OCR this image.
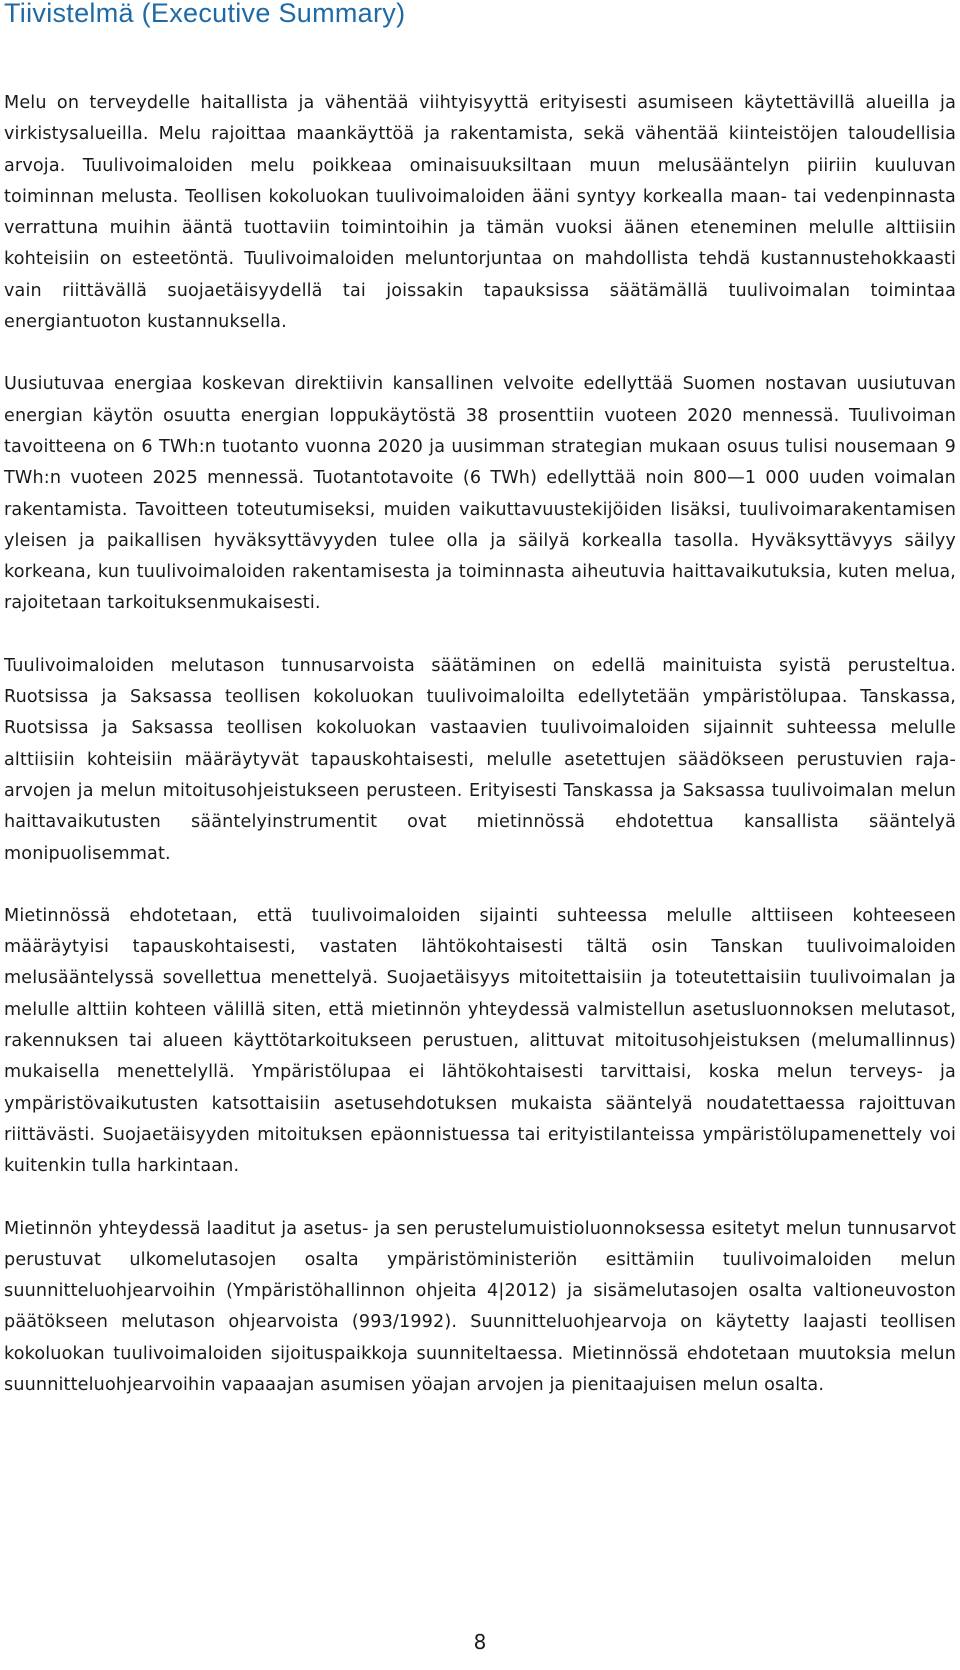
Tiivistelmä (Executive Summary)

Melu on terveydelle haitallista ja vähentää viihtyisyyttä erityisesti asumiseen käytettävillä alueilla ja virkistysalueilla. Melu rajoittaa maankäyttöä ja rakentamista, sekä vähentää kiinteistöjen taloudellisia arvoja. Tuulivoimaloiden melu poikkeaa ominaisuuksiltaan muun melusääntelyn piiriin kuuluvan toiminnan melusta. Teollisen kokoluokan tuulivoimaloiden ääni syntyy korkealla maan- tai vedenpinnasta verrattuna muihin ääntä tuottaviin toimintoihin ja tämän vuoksi äänen eteneminen melulle alttiisiin kohteisiin on esteetöntä. Tuulivoimaloiden meluntorjuntaa on mahdollista tehdä kustannustehokkaasti vain riittävällä suojaetäisyydellä tai joissakin tapauksissa säätämällä tuulivoimalan toimintaa energiantuoton kustannuksella.

Uusiutuvaa energiaa koskevan direktiivin kansallinen velvoite edellyttää Suomen nostavan uusiutuvan energian käytön osuutta energian loppukäytöstä 38 prosenttiin vuoteen 2020 mennessä. Tuulivoiman tavoitteena on 6 TWh:n tuotanto vuonna 2020 ja uusimman strategian mukaan osuus tulisi nousemaan 9 TWh:n vuoteen 2025 mennessä. Tuotantotavoite (6 TWh) edellyttää noin 800—1 000 uuden voimalan rakentamista. Tavoitteen toteutumiseksi, muiden vaikuttavuustekijöiden lisäksi, tuulivoimarakentamisen yleisen ja paikallisen hyväksyttävyyden tulee olla ja säilyä korkealla tasolla. Hyväksyttävyys säilyy korkeana, kun tuulivoimaloiden rakentamisesta ja toiminnasta aiheutuvia haittavaikutuksia, kuten melua, rajoitetaan tarkoituksenmukaisesti.

Tuulivoimaloiden melutason tunnusarvoista säätäminen on edellä mainituista syistä perusteltua. Ruotsissa ja Saksassa teollisen kokoluokan tuulivoimaloilta edellytetään ympäristölupaa. Tanskassa, Ruotsissa ja Saksassa teollisen kokoluokan vastaavien tuulivoimaloiden sijainnit suhteessa melulle alttiisiin kohteisiin määräytyvät tapauskohtaisesti, melulle asetettujen säädökseen perustuvien raja-arvojen ja melun mitoitusohjeistukseen perusteen. Erityisesti Tanskassa ja Saksassa tuulivoimalan melun haittavaikutusten sääntelyinstrumentit ovat mietinnössä ehdotettua kansallista sääntelyä monipuolisemmat.

Mietinnössä ehdotetaan, että tuulivoimaloiden sijainti suhteessa melulle alttiiseen kohteeseen määräytyisi tapauskohtaisesti, vastaten lähtökohtaisesti tältä osin Tanskan tuulivoimaloiden melusääntelyssä sovellettua menettelyä. Suojaetäisyys mitoitettaisiin ja toteutettaisiin tuulivoimalan ja melulle alttiin kohteen välillä siten, että mietinnön yhteydessä valmistellun asetusluonnoksen melutasot, rakennuksen tai alueen käyttötarkoitukseen perustuen, alittuvat mitoitusohjeistuksen (melumallinnus) mukaisella menettelyllä. Ympäristölupaa ei lähtökohtaisesti tarvittaisi, koska melun terveys- ja ympäristövaikutusten katsottaisiin asetusehdotuksen mukaista sääntelyä noudatettaessa rajoittuvan riittävästi. Suojaetäisyyden mitoituksen epäonnistuessa tai erityistilanteissa ympäristölupamenettely voi kuitenkin tulla harkintaan.

Mietinnön yhteydessä laaditut ja asetus- ja sen perustelumuistioluonnoksessa esitetyt melun tunnusarvot perustuvat ulkomelutasojen osalta ympäristöministeriön esittämiin tuulivoimaloiden melun suunnitteluohjearvoihin (Ympäristöhallinnon ohjeita 4|2012) ja sisämelutasojen osalta valtioneuvoston päätökseen melutason ohjearvoista (993/1992). Suunnitteluohjearvoja on käytetty laajasti teollisen kokoluokan tuulivoimaloiden sijoituspaikkoja suunniteltaessa. Mietinnössä ehdotetaan muutoksia melun suunnitteluohjearvoihin vapaaajan asumisen yöajan arvojen ja pienitaajuisen melun osalta.

8
